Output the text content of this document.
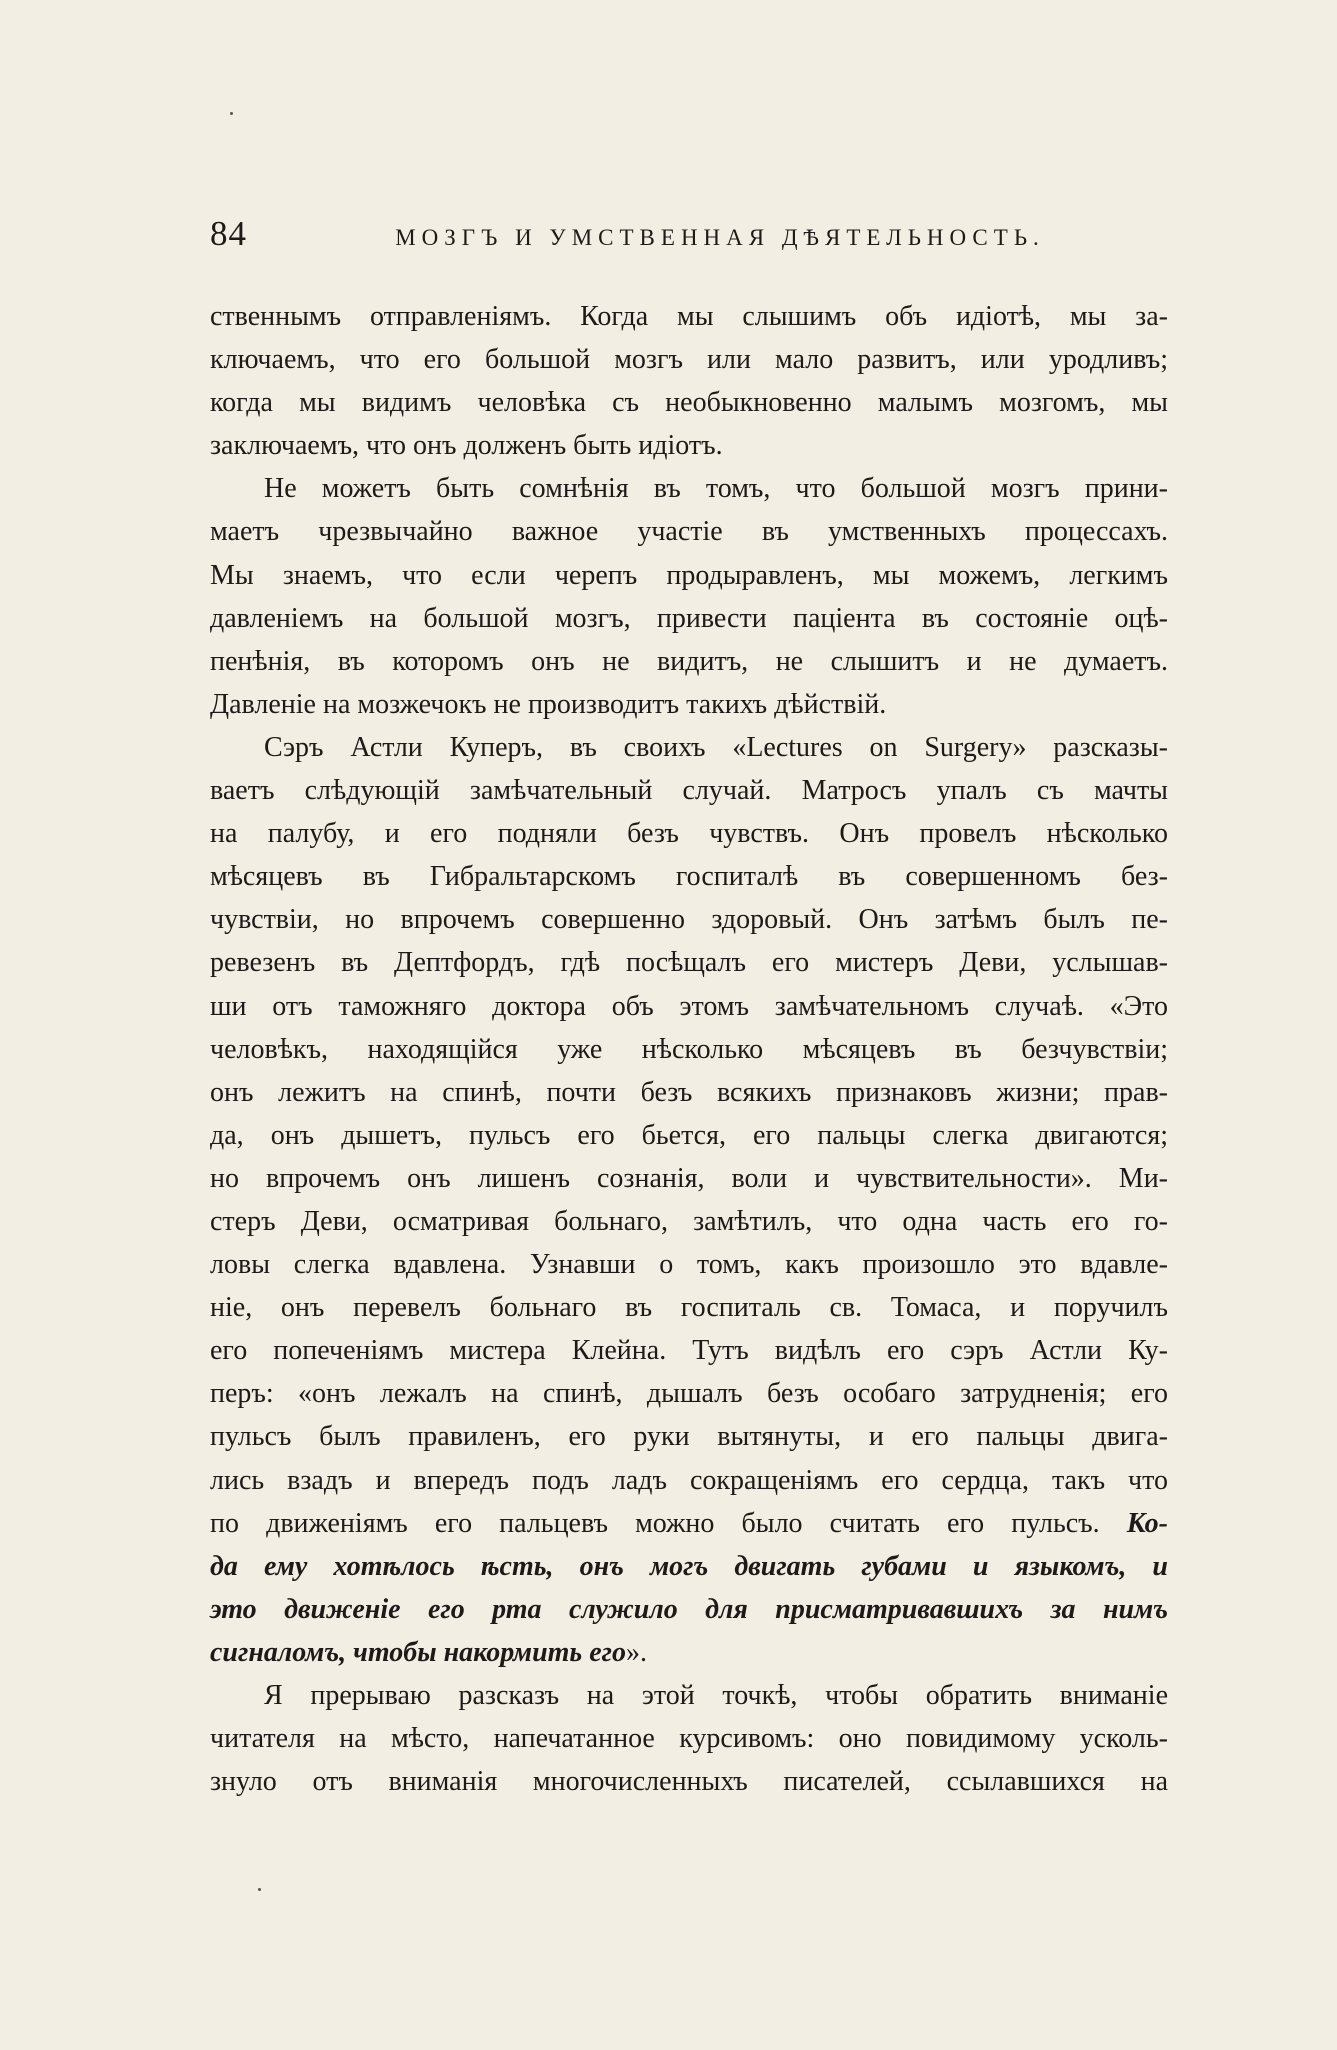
84	МОЗГЪ И УМСТВЕННАЯ ДѢЯТЕЛЬНОСТЬ.
ственнымъ отправленіямъ. Когда мы слышимъ объ идіотѣ, мы за-
ключаемъ, что его большой мозгъ или мало развитъ, или уродливъ;
когда мы видимъ человѣка съ необыкновенно малымъ мозгомъ, мы
заключаемъ, что онъ долженъ быть идіотъ.
Не можетъ быть сомнѣнія въ томъ, что большой мозгъ прини-
маетъ чрезвычайно важное участіе въ умственныхъ процессахъ.
Мы знаемъ, что если черепъ продыравленъ, мы можемъ, легкимъ
давленіемъ на большой мозгъ, привести паціента въ состояніе оцѣ-
пенѣнія, въ которомъ онъ не видитъ, не слышитъ и не думаетъ.
Давленіе на мозжечокъ не производитъ такихъ дѣйствій.
Сэръ Астли Куперъ, въ своихъ «Lectures on Surgery» разсказы-
ваетъ слѣдующій замѣчательный случай. Матросъ упалъ съ мачты
на палубу, и его подняли безъ чувствъ. Онъ провелъ нѣсколько
мѣсяцевъ въ Гибральтарскомъ госпиталѣ въ совершенномъ без-
чувствіи, но впрочемъ совершенно здоровый. Онъ затѣмъ былъ пе-
ревезенъ въ Дептфордъ, гдѣ посѣщалъ его мистеръ Деви, услышав-
ши отъ таможняго доктора объ этомъ замѣчательномъ случаѣ. «Это
человѣкъ, находящійся уже нѣсколько мѣсяцевъ въ безчувствіи;
онъ лежитъ на спинѣ, почти безъ всякихъ признаковъ жизни; прав-
да, онъ дышетъ, пульсъ его бьется, его пальцы слегка двигаются;
но впрочемъ онъ лишенъ сознанія, воли и чувствительности». Ми-
стеръ Деви, осматривая больнаго, замѣтилъ, что одна часть его го-
ловы слегка вдавлена. Узнавши о томъ, какъ произошло это вдавле-
ніе, онъ перевелъ больнаго въ госпиталь св. Томаса, и поручилъ
его попеченіямъ мистера Клейна. Тутъ видѣлъ его сэръ Астли Ку-
перъ: «онъ лежалъ на спинѣ, дышалъ безъ особаго затрудненія; его
пульсъ былъ правиленъ, его руки вытянуты, и его пальцы двига-
лись взадъ и впередъ подъ ладъ сокращеніямъ его сердца, такъ что
по движеніямъ его пальцевъ можно было считать его пульсъ. Ко-
да ему хотѣлось ѣсть, онъ могъ двигать губами и языкомъ, и
это движеніе его рта служило для присматривавшихъ за нимъ
сигналомъ, чтобы накормить его».
Я прерываю разсказъ на этой точкѣ, чтобы обратить вниманіе
читателя на мѣсто, напечатанное курсивомъ: оно повидимому усколь-
знуло отъ вниманія многочисленныхъ писателей, ссылавшихся на
